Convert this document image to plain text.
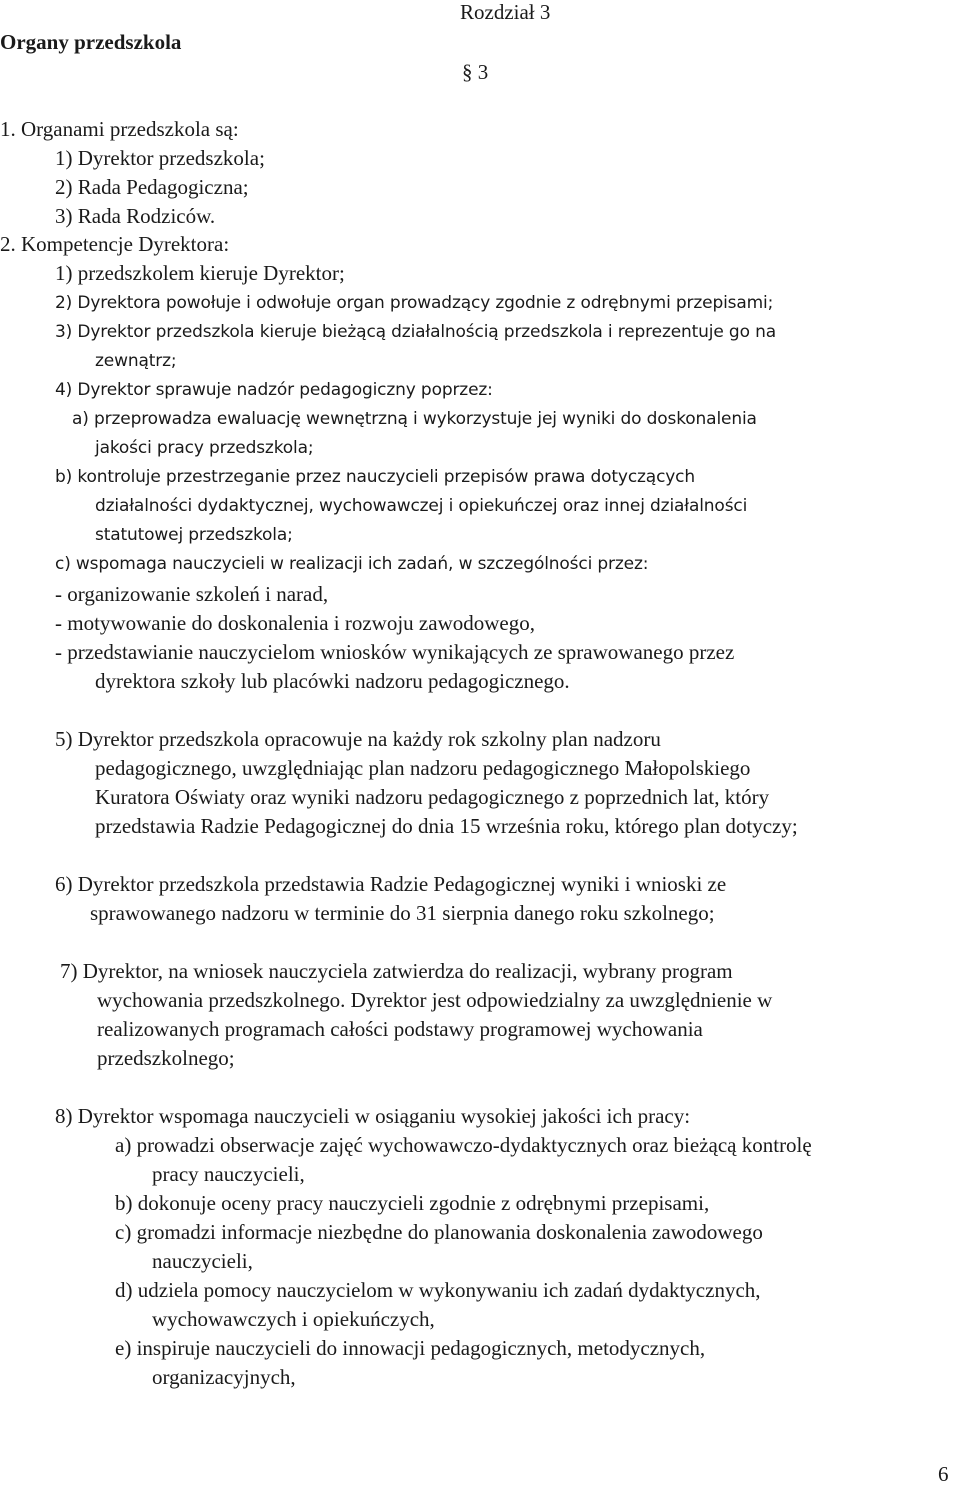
Organy przedszkola
Rozdział 3
§ 3
1. Organami przedszkola są:
1) Dyrektor przedszkola;
2) Rada Pedagogiczna;
3) Rada Rodziców.
2. Kompetencje Dyrektora:
1) przedszkolem kieruje Dyrektor;
2) Dyrektora powołuje i odwołuje organ prowadzący zgodnie z odrębnymi przepisami;
3) Dyrektor przedszkola kieruje bieżącą działalnością przedszkola i reprezentuje go na
zewnątrz;
4) Dyrektor sprawuje nadzór pedagogiczny poprzez:
a) przeprowadza ewaluację wewnętrzną i wykorzystuje jej wyniki do doskonalenia
jakości pracy przedszkola;
b) kontroluje przestrzeganie przez nauczycieli przepisów prawa dotyczących
działalności dydaktycznej, wychowawczej i opiekuńczej oraz innej działalności
statutowej przedszkola;
c) wspomaga nauczycieli w realizacji ich zadań, w szczególności przez:
- organizowanie szkoleń i narad,
- motywowanie do doskonalenia i rozwoju zawodowego,
- przedstawianie nauczycielom wniosków wynikających ze sprawowanego przez
dyrektora szkoły lub placówki nadzoru pedagogicznego.
5) Dyrektor przedszkola opracowuje na każdy rok szkolny plan nadzoru
pedagogicznego, uwzględniając plan nadzoru pedagogicznego Małopolskiego
Kuratora Oświaty oraz wyniki nadzoru pedagogicznego z poprzednich lat, który
przedstawia Radzie Pedagogicznej do dnia 15 września roku, którego plan dotyczy;
6) Dyrektor przedszkola przedstawia Radzie Pedagogicznej wyniki i wnioski ze
sprawowanego nadzoru w terminie do 31 sierpnia danego roku szkolnego;
7) Dyrektor, na wniosek nauczyciela zatwierdza do realizacji, wybrany program
wychowania przedszkolnego. Dyrektor jest odpowiedzialny za uwzględnienie w
realizowanych programach całości podstawy programowej wychowania
przedszkolnego;
8) Dyrektor wspomaga nauczycieli w osiąganiu wysokiej jakości ich pracy:
a) prowadzi obserwacje zajęć wychowawczo-dydaktycznych oraz bieżącą kontrolę
pracy nauczycieli,
b) dokonuje oceny pracy nauczycieli zgodnie z odrębnymi przepisami,
c) gromadzi informacje niezbędne do planowania doskonalenia zawodowego
nauczycieli,
d) udziela pomocy nauczycielom w wykonywaniu ich zadań dydaktycznych,
wychowawczych i opiekuńczych,
e) inspiruje nauczycieli do innowacji pedagogicznych, metodycznych,
organizacyjnych,
6
